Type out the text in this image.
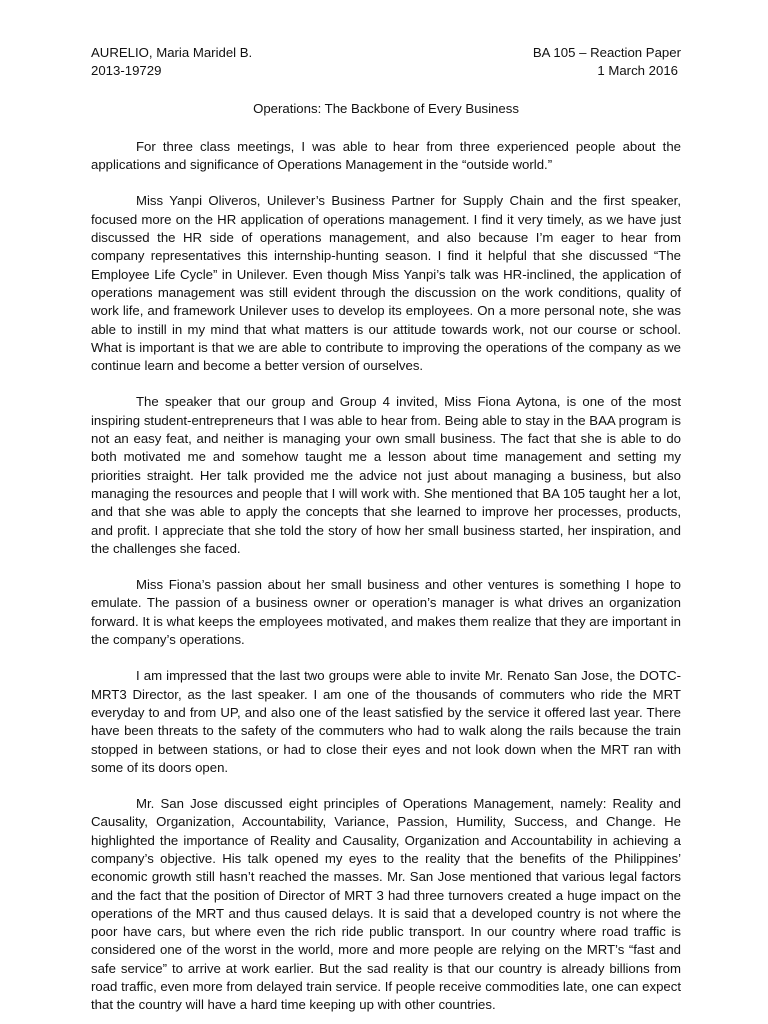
AURELIO, Maria Maridel B.
2013-19729
BA 105 – Reaction Paper
1 March 2016
Operations: The Backbone of Every Business

For three class meetings, I was able to hear from three experienced people about the applications and significance of Operations Management in the “outside world.”

Miss Yanpi Oliveros, Unilever’s Business Partner for Supply Chain and the first speaker, focused more on the HR application of operations management. I find it very timely, as we have just discussed the HR side of operations management, and also because I’m eager to hear from company representatives this internship-hunting season. I find it helpful that she discussed “The Employee Life Cycle” in Unilever. Even though Miss Yanpi’s talk was HR-inclined, the application of operations management was still evident through the discussion on the work conditions, quality of work life, and framework Unilever uses to develop its employees. On a more personal note, she was able to instill in my mind that what matters is our attitude towards work, not our course or school. What is important is that we are able to contribute to improving the operations of the company as we continue learn and become a better version of ourselves.

The speaker that our group and Group 4 invited, Miss Fiona Aytona, is one of the most inspiring student-entrepreneurs that I was able to hear from. Being able to stay in the BAA program is not an easy feat, and neither is managing your own small business. The fact that she is able to do both motivated me and somehow taught me a lesson about time management and setting my priorities straight. Her talk provided me the advice not just about managing a business, but also managing the resources and people that I will work with. She mentioned that BA 105 taught her a lot, and that she was able to apply the concepts that she learned to improve her processes, products, and profit. I appreciate that she told the story of how her small business started, her inspiration, and the challenges she faced.

Miss Fiona’s passion about her small business and other ventures is something I hope to emulate. The passion of a business owner or operation’s manager is what drives an organization forward. It is what keeps the employees motivated, and makes them realize that they are important in the company’s operations.

I am impressed that the last two groups were able to invite Mr. Renato San Jose, the DOTC-MRT3 Director, as the last speaker. I am one of the thousands of commuters who ride the MRT everyday to and from UP, and also one of the least satisfied by the service it offered last year. There have been threats to the safety of the commuters who had to walk along the rails because the train stopped in between stations, or had to close their eyes and not look down when the MRT ran with some of its doors open.

Mr. San Jose discussed eight principles of Operations Management, namely: Reality and Causality, Organization, Accountability, Variance, Passion, Humility, Success, and Change. He highlighted the importance of Reality and Causality, Organization and Accountability in achieving a company’s objective. His talk opened my eyes to the reality that the benefits of the Philippines’ economic growth still hasn’t reached the masses. Mr. San Jose mentioned that various legal factors and the fact that the position of Director of MRT 3 had three turnovers created a huge impact on the operations of the MRT and thus caused delays. It is said that a developed country is not where the poor have cars, but where even the rich ride public transport. In our country where road traffic is considered one of the worst in the world, more and more people are relying on the MRT’s “fast and safe service” to arrive at work earlier. But the sad reality is that our country is already billions from road traffic, even more from delayed train service. If people receive commodities late, one can expect that the country will have a hard time keeping up with other countries.
